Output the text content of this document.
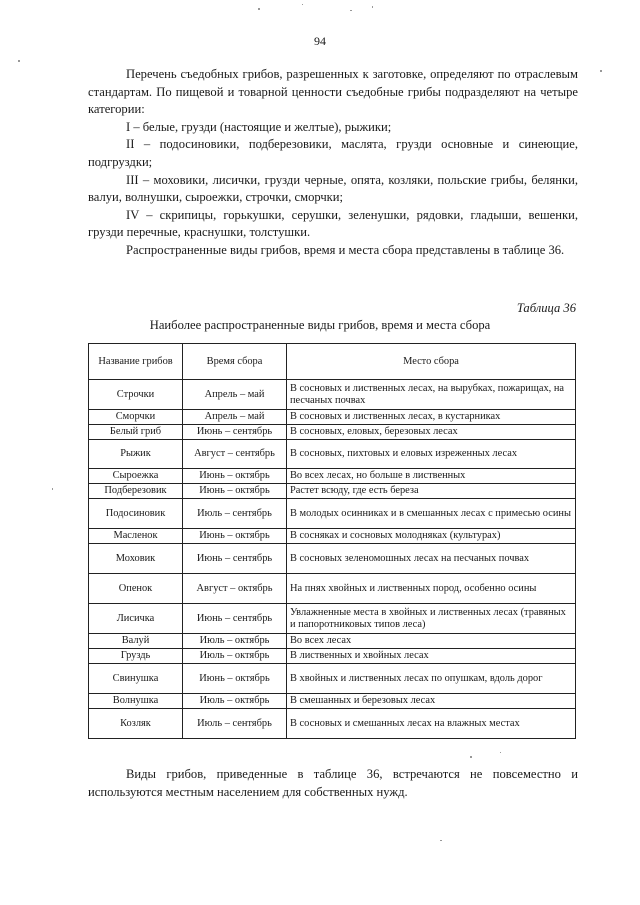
94

Перечень съедобных грибов, разрешенных к заготовке, определяют по отраслевым стандартам. По пищевой и товарной ценности съедобные грибы подразделяют на четыре категории:

I – белые, грузди (настоящие и желтые), рыжики;

II – подосиновики, подберезовики, маслята, грузди основные и синеющие, подгруздки;

III – моховики, лисички, грузди черные, опята, козляки, польские грибы, белянки, валуи, волнушки, сыроежки, строчки, сморчки;

IV – скрипицы, горькушки, серушки, зеленушки, рядовки, гладыши, вешенки, грузди перечные, краснушки, толстушки.

Распространенные виды грибов, время и места сбора представлены в таблице 36.

Таблица 36
Наиболее распространенные виды грибов, время и места сбора
Название грибов	Время сбора	Место сбора
Строчки	Апрель – май	В сосновых и лиственных лесах, на вырубках, пожарищах, на песчаных почвах
Сморчки	Апрель – май	В сосновых и лиственных лесах, в кустарниках
Белый гриб	Июнь – сентябрь	В сосновых, еловых, березовых лесах
Рыжик	Август – сентябрь	В сосновых, пихтовых и еловых изреженных лесах
Сыроежка	Июнь – октябрь	Во всех лесах, но больше в лиственных
Подберезовик	Июнь – октябрь	Растет всюду, где есть береза
Подосиновик	Июль – сентябрь	В молодых осинниках и в смешанных лесах с примесью осины
Масленок	Июнь – октябрь	В сосняках и сосновых молодняках (культурах)
Моховик	Июнь – сентябрь	В сосновых зеленомошных лесах на песчаных почвах
Опенок	Август – октябрь	На пнях хвойных и лиственных пород, особенно осины
Лисичка	Июнь – сентябрь	Увлажненные места в хвойных и лиственных лесах (травяных и папоротниковых типов леса)
Валуй	Июль – октябрь	Во всех лесах
Груздь	Июль – октябрь	В лиственных и хвойных лесах
Свинушка	Июнь – октябрь	В хвойных и лиственных лесах по опушкам, вдоль дорог
Волнушка	Июль – октябрь	В смешанных и березовых лесах
Козляк	Июль – сентябрь	В сосновых и смешанных лесах на влажных местах

Виды грибов, приведенные в таблице 36, встречаются не повсеместно и используются местным населением для собственных нужд.
